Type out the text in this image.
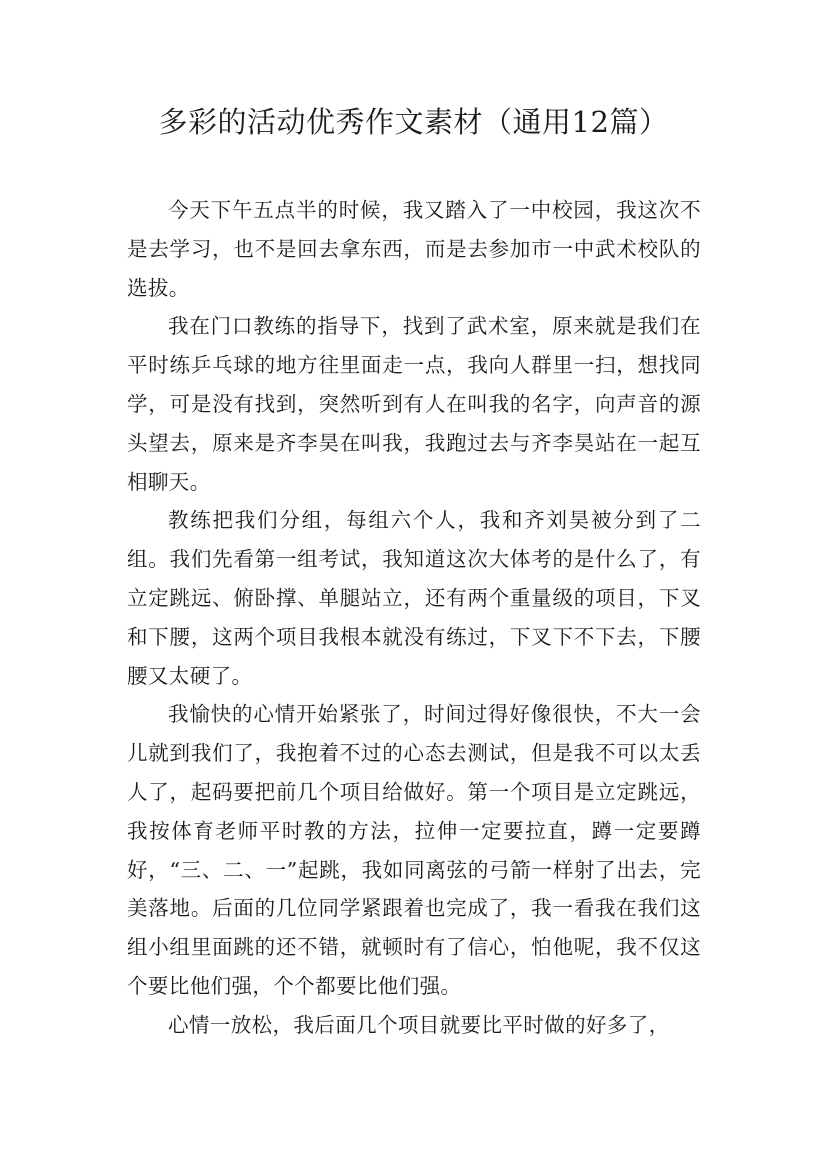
多彩的活动优秀作文素材（通用12篇）

今天下午五点半的时候，我又踏入了一中校园，我这次不是去学习，也不是回去拿东西，而是去参加市一中武术校队的选拔。

我在门口教练的指导下，找到了武术室，原来就是我们在平时练乒乓球的地方往里面走一点，我向人群里一扫，想找同学，可是没有找到，突然听到有人在叫我的名字，向声音的源头望去，原来是齐李昊在叫我，我跑过去与齐李昊站在一起互相聊天。

教练把我们分组，每组六个人，我和齐刘昊被分到了二组。我们先看第一组考试，我知道这次大体考的是什么了，有立定跳远、俯卧撑、单腿站立，还有两个重量级的项目，下叉和下腰，这两个项目我根本就没有练过，下叉下不下去，下腰腰又太硬了。

我愉快的心情开始紧张了，时间过得好像很快，不大一会儿就到我们了，我抱着不过的心态去测试，但是我不可以太丢人了，起码要把前几个项目给做好。第一个项目是立定跳远，我按体育老师平时教的方法，拉伸一定要拉直，蹲一定要蹲好，“三、二、一”起跳，我如同离弦的弓箭一样射了出去，完美落地。后面的几位同学紧跟着也完成了，我一看我在我们这组小组里面跳的还不错，就顿时有了信心，怕他呢，我不仅这个要比他们强，个个都要比他们强。

心情一放松，我后面几个项目就要比平时做的好多了，
